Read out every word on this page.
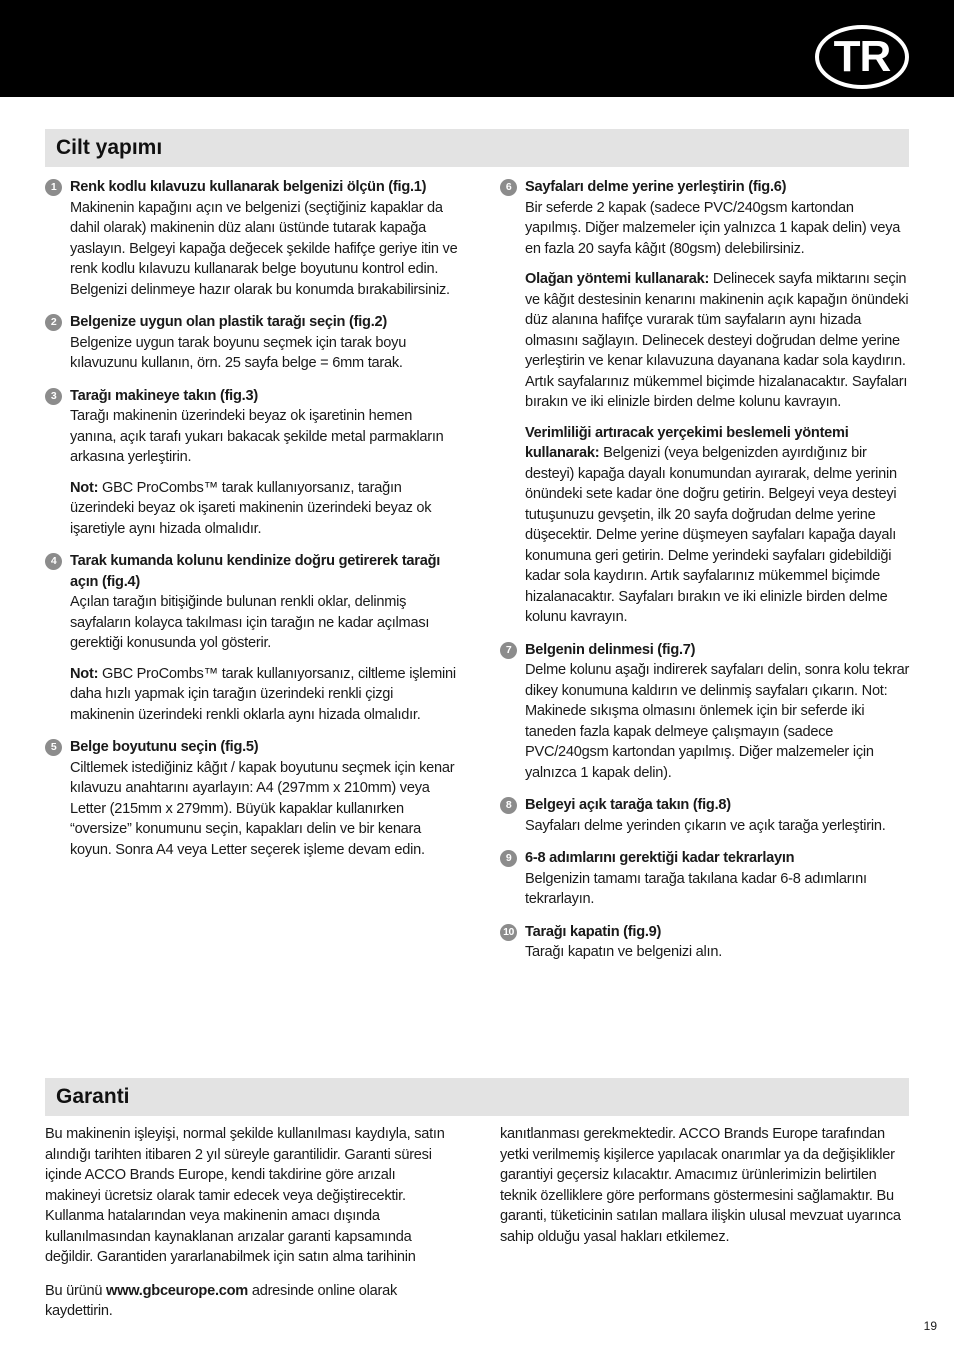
TR
Cilt yapımı
1 Renk kodlu kılavuzu kullanarak belgenizi ölçün (fig.1)
Makinenin kapağını açın ve belgenizi (seçtiğiniz kapaklar da dahil olarak) makinenin düz alanı üstünde tutarak kapağa yaslayın. Belgeyi kapağa değecek şekilde hafifçe geriye itin ve renk kodlu kılavuzu kullanarak belge boyutunu kontrol edin. Belgenizi delinmeye hazır olarak bu konumda bırakabilirsiniz.
2 Belgenize uygun olan plastik tarağı seçin (fig.2)
Belgenize uygun tarak boyunu seçmek için tarak boyu kılavuzunu kullanın, örn. 25 sayfa belge = 6mm tarak.
3 Tarağı makineye takın (fig.3)
Tarağı makinenin üzerindeki beyaz ok işaretinin hemen yanına, açık tarafı yukarı bakacak şekilde metal parmakların arkasına yerleştirin.

Not: GBC ProCombs™ tarak kullanıyorsanız, tarağın üzerindeki beyaz ok işareti makinenin üzerindeki beyaz ok işaretiyle aynı hizada olmalıdır.

4 Tarak kumanda kolunu kendinize doğru getirerek tarağı açın (fig.4)
Açılan tarağın bitişiğinde bulunan renkli oklar, delinmiş sayfaların kolayca takılması için tarağın ne kadar açılması gerektiği konusunda yol gösterir.

Not: GBC ProCombs™ tarak kullanıyorsanız, ciltleme işlemini daha hızlı yapmak için tarağın üzerindeki renkli çizgi makinenin üzerindeki renkli oklarla aynı hizada olmalıdır.

5 Belge boyutunu seçin (fig.5)
Ciltlemek istediğiniz kâğıt / kapak boyutunu seçmek için kenar kılavuzu anahtarını ayarlayın: A4 (297mm x 210mm) veya Letter (215mm x 279mm). Büyük kapaklar kullanırken “oversize” konumunu seçin, kapakları delin ve bir kenara koyun. Sonra A4 veya Letter seçerek işleme devam edin.
6 Sayfaları delme yerine yerleştirin (fig.6)
Bir seferde 2 kapak (sadece PVC/240gsm kartondan yapılmış. Diğer malzemeler için yalnızca 1 kapak delin) veya en fazla 20 sayfa kâğıt (80gsm) delebilirsiniz.

Olağan yöntemi kullanarak: Delinecek sayfa miktarını seçin ve kâğıt destesinin kenarını makinenin açık kapağın önündeki düz alanına hafifçe vurarak tüm sayfaların aynı hizada olmasını sağlayın. Delinecek desteyi doğrudan delme yerine yerleştirin ve kenar kılavuzuna dayanana kadar sola kaydırın. Artık sayfalarınız mükemmel biçimde hizalanacaktır. Sayfaları bırakın ve iki elinizle birden delme kolunu kavrayın.

Verimliliği artıracak yerçekimi beslemeli yöntemi kullanarak: Belgenizi (veya belgenizden ayırdığınız bir desteyi) kapağa dayalı konumundan ayırarak, delme yerinin önündeki sete kadar öne doğru getirin. Belgeyi veya desteyi tutuşunuzu gevşetin, ilk 20 sayfa doğrudan delme yerine düşecektir. Delme yerine düşmeyen sayfaları kapağa dayalı konumuna geri getirin. Delme yerindeki sayfaları gidebildiği kadar sola kaydırın. Artık sayfalarınız mükemmel biçimde hizalanacaktır. Sayfaları bırakın ve iki elinizle birden delme kolunu kavrayın.

7 Belgenin delinmesi (fig.7)
Delme kolunu aşağı indirerek sayfaları delin, sonra kolu tekrar dikey konumuna kaldırın ve delinmiş sayfaları çıkarın. Not: Makinede sıkışma olmasını önlemek için bir seferde iki taneden fazla kapak delmeye çalışmayın (sadece PVC/240gsm kartondan yapılmış. Diğer malzemeler için yalnızca 1 kapak delin).
8 Belgeyi açık tarağa takın (fig.8)
Sayfaları delme yerinden çıkarın ve açık tarağa yerleştirin.
9 6-8 adımlarını gerektiği kadar tekrarlayın
Belgenizin tamamı tarağa takılana kadar 6-8 adımlarını tekrarlayın.
10 Tarağı kapatin (fig.9)
Tarağı kapatın ve belgenizi alın.
Garanti

Bu makinenin işleyişi, normal şekilde kullanılması kaydıyla, satın alındığı tarihten itibaren 2 yıl süreyle garantilidir. Garanti süresi içinde ACCO Brands Europe, kendi takdirine göre arızalı makineyi ücretsiz olarak tamir edecek veya değiştirecektir. Kullanma hatalarından veya makinenin amacı dışında kullanılmasından kaynaklanan arızalar garanti kapsamında değildir. Garantiden yararlanabilmek için satın alma tarihinin

Bu ürünü www.gbceurope.com adresinde online olarak kaydettirin.

kanıtlanması gerekmektedir. ACCO Brands Europe tarafından yetki verilmemiş kişilerce yapılacak onarımlar ya da değişiklikler garantiyi geçersiz kılacaktır. Amacımız ürünlerimizin belirtilen teknik özelliklere göre performans göstermesini sağlamaktır. Bu garanti, tüketicinin satılan mallara ilişkin ulusal mevzuat uyarınca sahip olduğu yasal hakları etkilemez.

19
